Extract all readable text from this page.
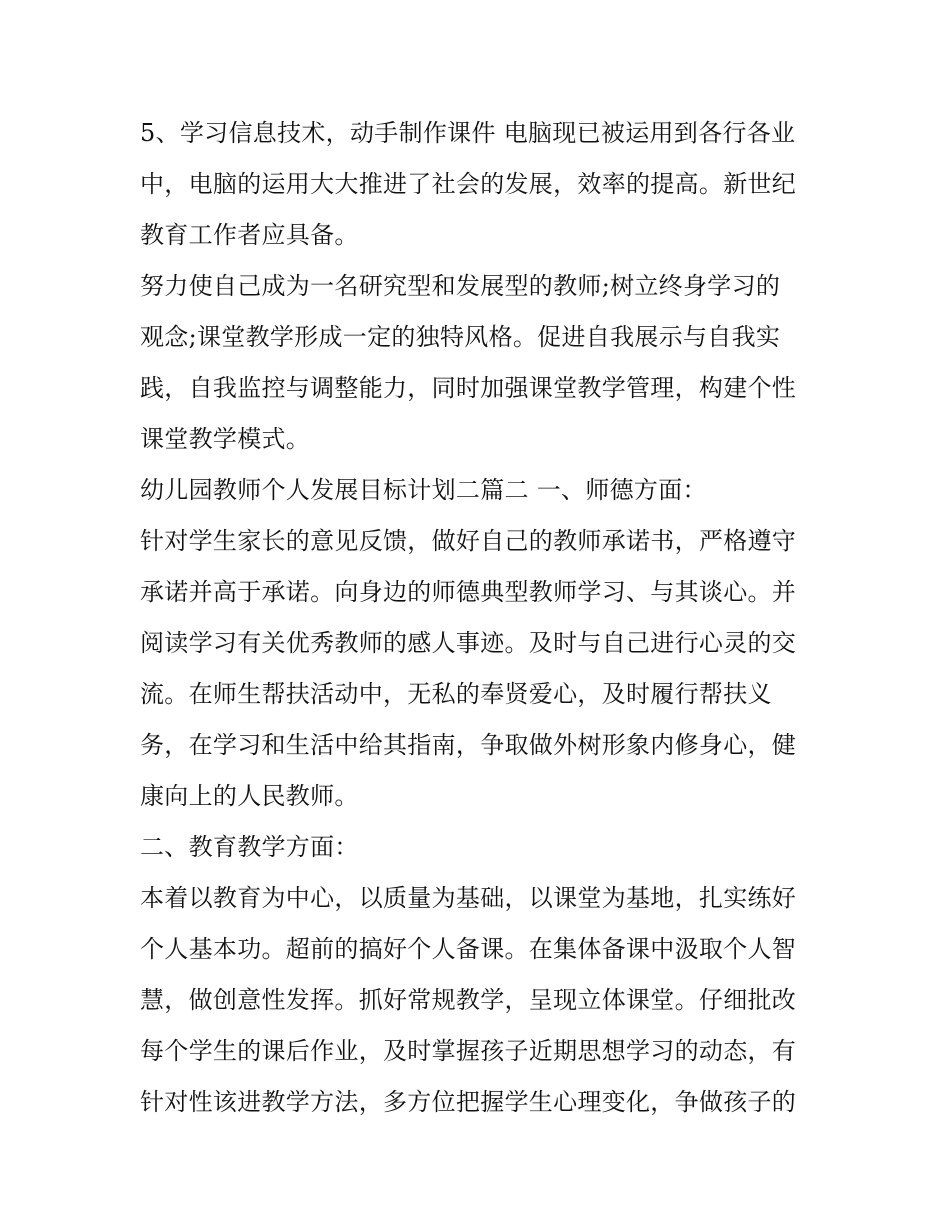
5、学习信息技术，动手制作课件 电脑现已被运用到各行各业
中，电脑的运用大大推进了社会的发展，效率的提高。新世纪
教育工作者应具备。
努力使自己成为一名研究型和发展型的教师;树立终身学习的
观念;课堂教学形成一定的独特风格。促进自我展示与自我实
践，自我监控与调整能力，同时加强课堂教学管理，构建个性
课堂教学模式。
幼儿园教师个人发展目标计划二篇二 一、师德方面：
针对学生家长的意见反馈，做好自己的教师承诺书，严格遵守
承诺并高于承诺。向身边的师德典型教师学习、与其谈心。并
阅读学习有关优秀教师的感人事迹。及时与自己进行心灵的交
流。在师生帮扶活动中，无私的奉贤爱心，及时履行帮扶义
务，在学习和生活中给其指南，争取做外树形象内修身心，健
康向上的人民教师。
二、教育教学方面：
本着以教育为中心，以质量为基础，以课堂为基地，扎实练好
个人基本功。超前的搞好个人备课。在集体备课中汲取个人智
慧，做创意性发挥。抓好常规教学，呈现立体课堂。仔细批改
每个学生的课后作业，及时掌握孩子近期思想学习的动态，有
针对性该进教学方法，多方位把握学生心理变化，争做孩子的
